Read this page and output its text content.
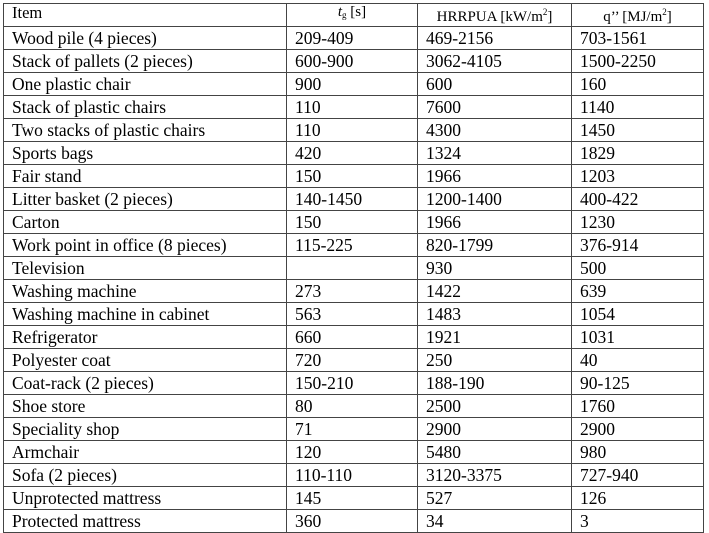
Item	$t_g$ [s]	HRRPUA $[kW/m^2]$	q’’ $[MJ/m^2]$
Wood pile (4 pieces)	209-409	469-2156	703-1561
Stack of pallets (2 pieces)	600-900	3062-4105	1500-2250
One plastic chair	900	600	160
Stack of plastic chairs	110	7600	1140
Two stacks of plastic chairs	110	4300	1450
Sports bags	420	1324	1829
Fair stand	150	1966	1203
Litter basket (2 pieces)	140-1450	1200-1400	400-422
Carton	150	1966	1230
Work point in office (8 pieces)	115-225	820-1799	376-914
Television		930	500
Washing machine	273	1422	639
Washing machine in cabinet	563	1483	1054
Refrigerator	660	1921	1031
Polyester coat	720	250	40
Coat-rack (2 pieces)	150-210	188-190	90-125
Shoe store	80	2500	1760
Speciality shop	71	2900	2900
Armchair	120	5480	980
Sofa (2 pieces)	110-110	3120-3375	727-940
Unprotected mattress	145	527	126
Protected mattress	360	34	3
